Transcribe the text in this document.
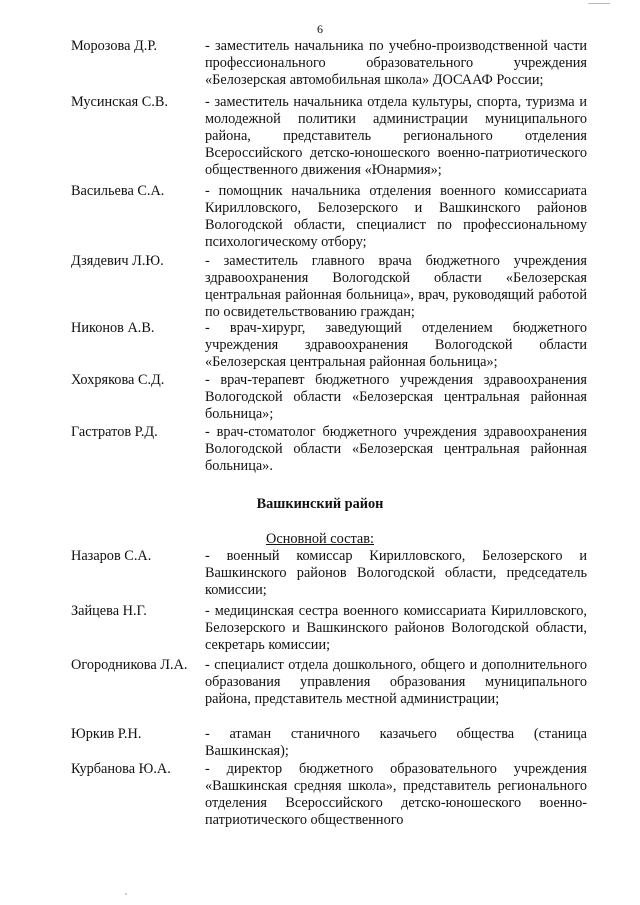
6
Морозова Д.Р.	- заместитель начальника по учебно-производственной части профессионального образовательного учреждения «Белозерская автомобильная школа» ДОСААФ России;
Мусинская С.В.	- заместитель начальника отдела культуры, спорта, туризма и молодежной политики администрации муниципального района, представитель регионального отделения Всероссийского детско-юношеского военно-патриотического общественного движения «Юнармия»;
Васильева С.А.	- помощник начальника отделения военного комиссариата Кирилловского, Белозерского и Вашкинского районов Вологодской области, специалист по профессиональному психологическому отбору;
Дзядевич Л.Ю.	- заместитель главного врача бюджетного учреждения здравоохранения Вологодской области «Белозерская центральная районная больница», врач, руководящий работой по освидетельствованию граждан;
Никонов А.В.	- врач-хирург, заведующий отделением бюджетного учреждения здравоохранения Вологодской области «Белозерская центральная районная больница»;
Хохрякова С.Д.	- врач-терапевт бюджетного учреждения здравоохранения Вологодской области «Белозерская центральная районная больница»;
Гастратов Р.Д.	- врач-стоматолог бюджетного учреждения здравоохранения Вологодской области «Белозерская центральная районная больница».
Вашкинский район
Основной состав:
Назаров С.А.	- военный комиссар Кирилловского, Белозерского и Вашкинского районов Вологодской области, председатель комиссии;
Зайцева Н.Г.	- медицинская сестра военного комиссариата Кирилловского, Белозерского и Вашкинского районов Вологодской области, секретарь комиссии;
Огородникова Л.А.	- специалист отдела дошкольного, общего и дополнительного образования управления образования муниципального района, представитель местной администрации;
Юркив Р.Н.	- атаман станичного казачьего общества (станица Вашкинская);
Курбанова Ю.А.	- директор бюджетного образовательного учреждения «Вашкинская средняя школа», представитель регионального отделения Всероссийского детско-юношеского военно-патриотического общественного
